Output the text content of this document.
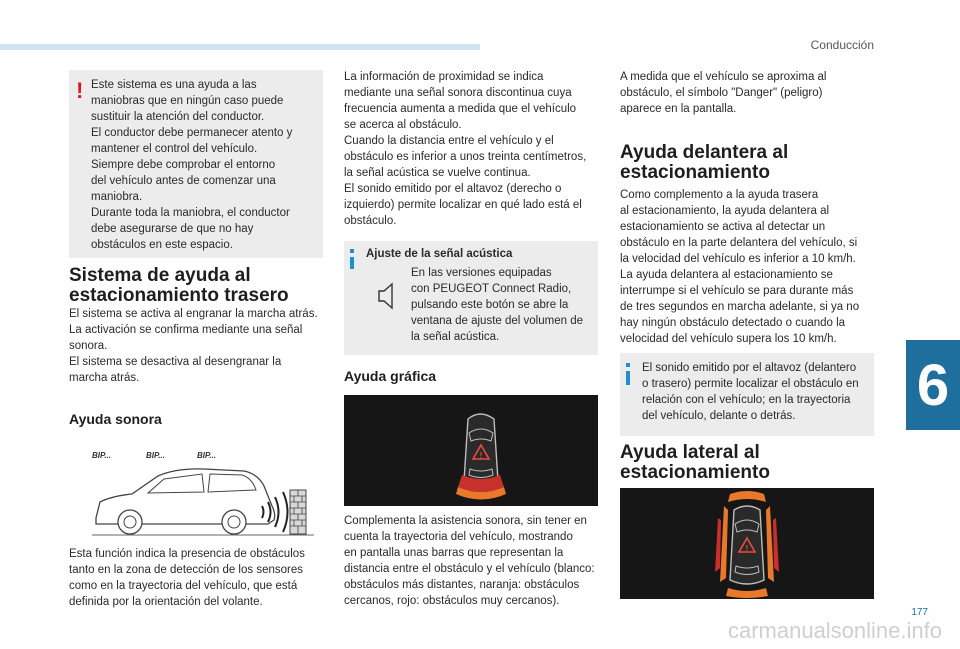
Conducción
6
177
carmanualsonline.info
! Este sistema es una ayuda a las
maniobras que en ningún caso puede
sustituir la atención del conductor.
El conductor debe permanecer atento y
mantener el control del vehículo.
Siempre debe comprobar el entorno
del vehículo antes de comenzar una
maniobra.
Durante toda la maniobra, el conductor
debe asegurarse de que no hay
obstáculos en este espacio.
Sistema de ayuda al
estacionamiento trasero
El sistema se activa al engranar la marcha atrás.
La activación se confirma mediante una señal
sonora.
El sistema se desactiva al desengranar la
marcha atrás.
Ayuda sonora
BIP...	BIP...	BIP...
Esta función indica la presencia de obstáculos
tanto en la zona de detección de los sensores
como en la trayectoria del vehículo, que está
definida por la orientación del volante.
La información de proximidad se indica
mediante una señal sonora discontinua cuya
frecuencia aumenta a medida que el vehículo
se acerca al obstáculo.
Cuando la distancia entre el vehículo y el
obstáculo es inferior a unos treinta centímetros,
la señal acústica se vuelve continua.
El sonido emitido por el altavoz (derecho o
izquierdo) permite localizar en qué lado está el
obstáculo.
Ajuste de la señal acústica
En las versiones equipadas
con PEUGEOT Connect Radio,
pulsando este botón se abre la
ventana de ajuste del volumen de
la señal acústica.
Ayuda gráfica
!
Complementa la asistencia sonora, sin tener en
cuenta la trayectoria del vehículo, mostrando
en pantalla unas barras que representan la
distancia entre el obstáculo y el vehículo (blanco:
obstáculos más distantes, naranja: obstáculos
cercanos, rojo: obstáculos muy cercanos).
A medida que el vehículo se aproxima al
obstáculo, el símbolo "Danger" (peligro)
aparece en la pantalla.
Ayuda delantera al
estacionamiento
Como complemento a la ayuda trasera
al estacionamiento, la ayuda delantera al
estacionamiento se activa al detectar un
obstáculo en la parte delantera del vehículo, si
la velocidad del vehículo es inferior a 10 km/h.
La ayuda delantera al estacionamiento se
interrumpe si el vehículo se para durante más
de tres segundos en marcha adelante, si ya no
hay ningún obstáculo detectado o cuando la
velocidad del vehículo supera los 10 km/h.
El sonido emitido por el altavoz (delantero
o trasero) permite localizar el obstáculo en
relación con el vehículo; en la trayectoria
del vehículo, delante o detrás.
Ayuda lateral al
estacionamiento
!
